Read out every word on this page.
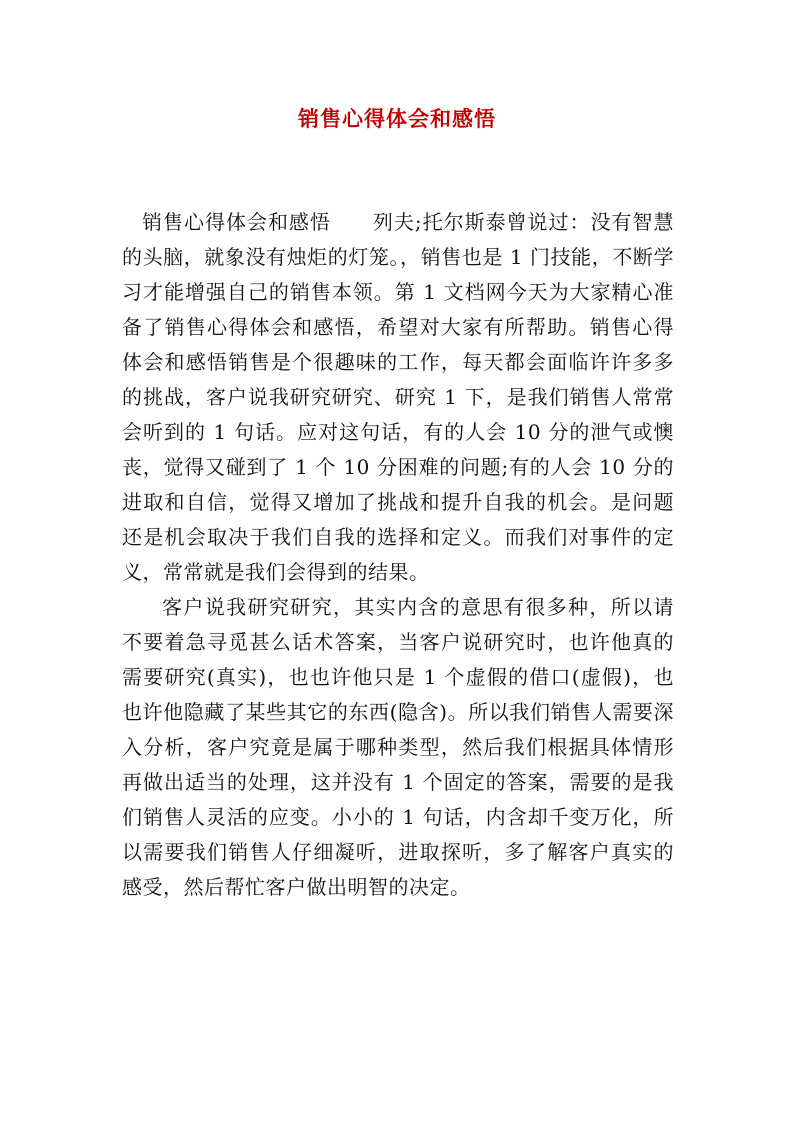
销售心得体会和感悟

销售心得体会和感悟　　列夫;托尔斯泰曾说过：没有智慧的头脑，就象没有烛炬的灯笼。，销售也是 1 门技能，不断学习才能增强自己的销售本领。第 1 文档网今天为大家精心准备了销售心得体会和感悟，希望对大家有所帮助。销售心得体会和感悟销售是个很趣味的工作，每天都会面临许许多多的挑战，客户说我研究研究、研究 1 下，是我们销售人常常会听到的 1 句话。应对这句话，有的人会 10 分的泄气或懊丧，觉得又碰到了 1 个 10 分困难的问题;有的人会 10 分的进取和自信，觉得又增加了挑战和提升自我的机会。是问题还是机会取决于我们自我的选择和定义。而我们对事件的定义，常常就是我们会得到的结果。

客户说我研究研究，其实内含的意思有很多种，所以请不要着急寻觅甚么话术答案，当客户说研究时，也许他真的需要研究(真实)，也也许他只是 1 个虚假的借口(虚假)，也也许他隐藏了某些其它的东西(隐含)。所以我们销售人需要深入分析，客户究竟是属于哪种类型，然后我们根据具体情形再做出适当的处理，这并没有 1 个固定的答案，需要的是我们销售人灵活的应变。小小的 1 句话，内含却千变万化，所以需要我们销售人仔细凝听，进取探听，多了解客户真实的感受，然后帮忙客户做出明智的决定。
